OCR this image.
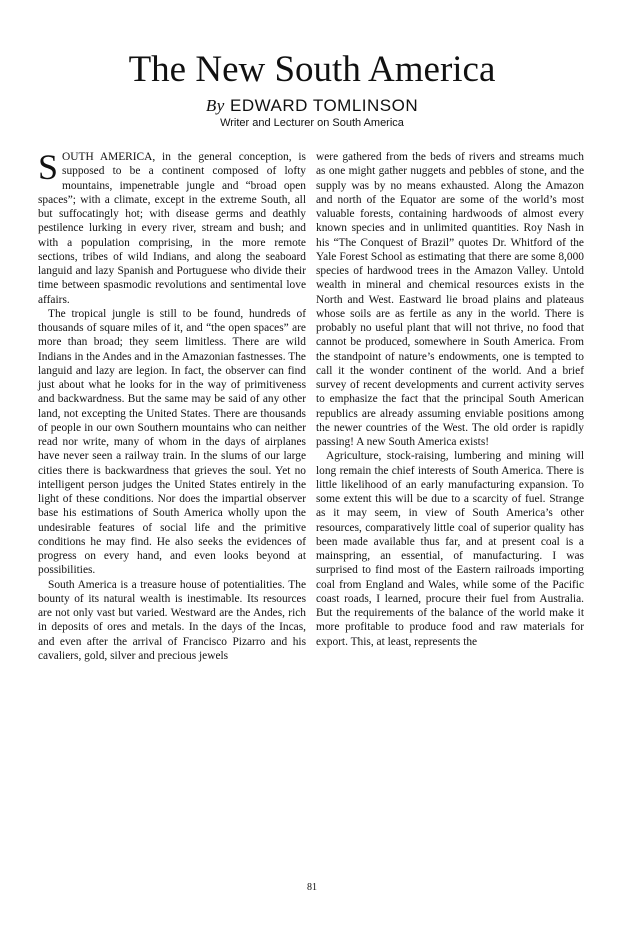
The New South America
By EDWARD TOMLINSON
Writer and Lecturer on South America

SOUTH AMERICA, in the general conception, is supposed to be a continent composed of lofty mountains, impenetrable jungle and “broad open spaces”; with a climate, except in the extreme South, all but suffocatingly hot; with disease germs and deathly pestilence lurking in every river, stream and bush; and with a population comprising, in the more remote sections, tribes of wild Indians, and along the seaboard languid and lazy Spanish and Portuguese who divide their time between spasmodic revolutions and sentimental love affairs.

The tropical jungle is still to be found, hundreds of thousands of square miles of it, and “the open spaces” are more than broad; they seem limitless. There are wild Indians in the Andes and in the Amazonian fastnesses. The languid and lazy are legion. In fact, the observer can find just about what he looks for in the way of primitiveness and backwardness. But the same may be said of any other land, not excepting the United States. There are thousands of people in our own Southern mountains who can neither read nor write, many of whom in the days of airplanes have never seen a railway train. In the slums of our large cities there is backwardness that grieves the soul. Yet no intelligent person judges the United States entirely in the light of these conditions. Nor does the impartial observer base his estimations of South America wholly upon the undesirable features of social life and the primitive conditions he may find. He also seeks the evidences of progress on every hand, and even looks beyond at possibilities.

South America is a treasure house of potentialities. The bounty of its natural wealth is inestimable. Its resources are not only vast but varied. Westward are the Andes, rich in deposits of ores and metals. In the days of the Incas, and even after the arrival of Francisco Pizarro and his cavaliers, gold, silver and precious jewels

were gathered from the beds of rivers and streams much as one might gather nuggets and pebbles of stone, and the supply was by no means exhausted. Along the Amazon and north of the Equator are some of the world’s most valuable forests, containing hardwoods of almost every known species and in unlimited quantities. Roy Nash in his “The Conquest of Brazil” quotes Dr. Whitford of the Yale Forest School as estimating that there are some 8,000 species of hardwood trees in the Amazon Valley. Untold wealth in mineral and chemical resources exists in the North and West. Eastward lie broad plains and plateaus whose soils are as fertile as any in the world. There is probably no useful plant that will not thrive, no food that cannot be produced, somewhere in South America. From the standpoint of nature’s endowments, one is tempted to call it the wonder continent of the world. And a brief survey of recent developments and current activity serves to emphasize the fact that the principal South American republics are already assuming enviable positions among the newer countries of the West. The old order is rapidly passing! A new South America exists!

Agriculture, stock-raising, lumbering and mining will long remain the chief interests of South America. There is little likelihood of an early manufacturing expansion. To some extent this will be due to a scarcity of fuel. Strange as it may seem, in view of South America’s other resources, comparatively little coal of superior quality has been made available thus far, and at present coal is a mainspring, an essential, of manufacturing. I was surprised to find most of the Eastern railroads importing coal from England and Wales, while some of the Pacific coast roads, I learned, procure their fuel from Australia. But the requirements of the balance of the world make it more profitable to produce food and raw materials for export. This, at least, represents the

81
